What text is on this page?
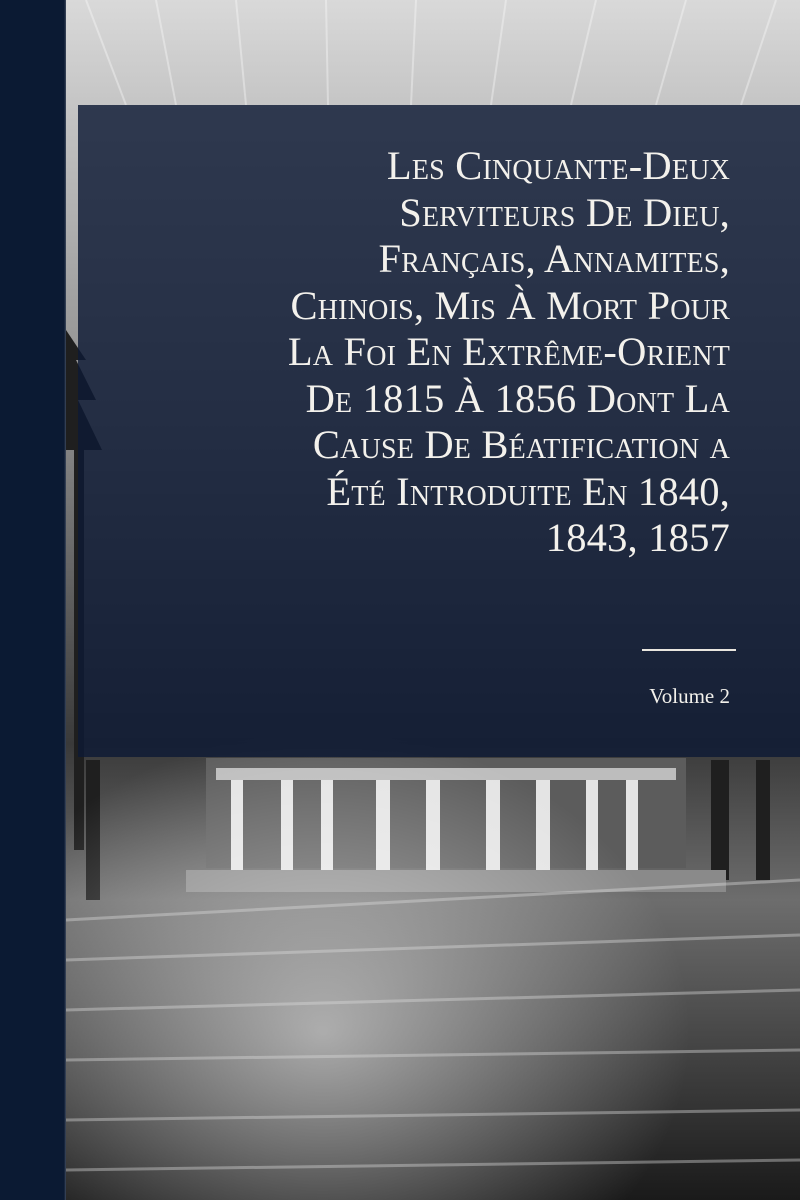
Les Cinquante-Deux
Serviteurs De Dieu,
Français, Annamites,
Chinois, Mis À Mort Pour
La Foi En Extrême-Orient
De 1815 À 1856 Dont La
Cause De Béatification a
Été Introduite En 1840,
1843, 1857

Volume 2
